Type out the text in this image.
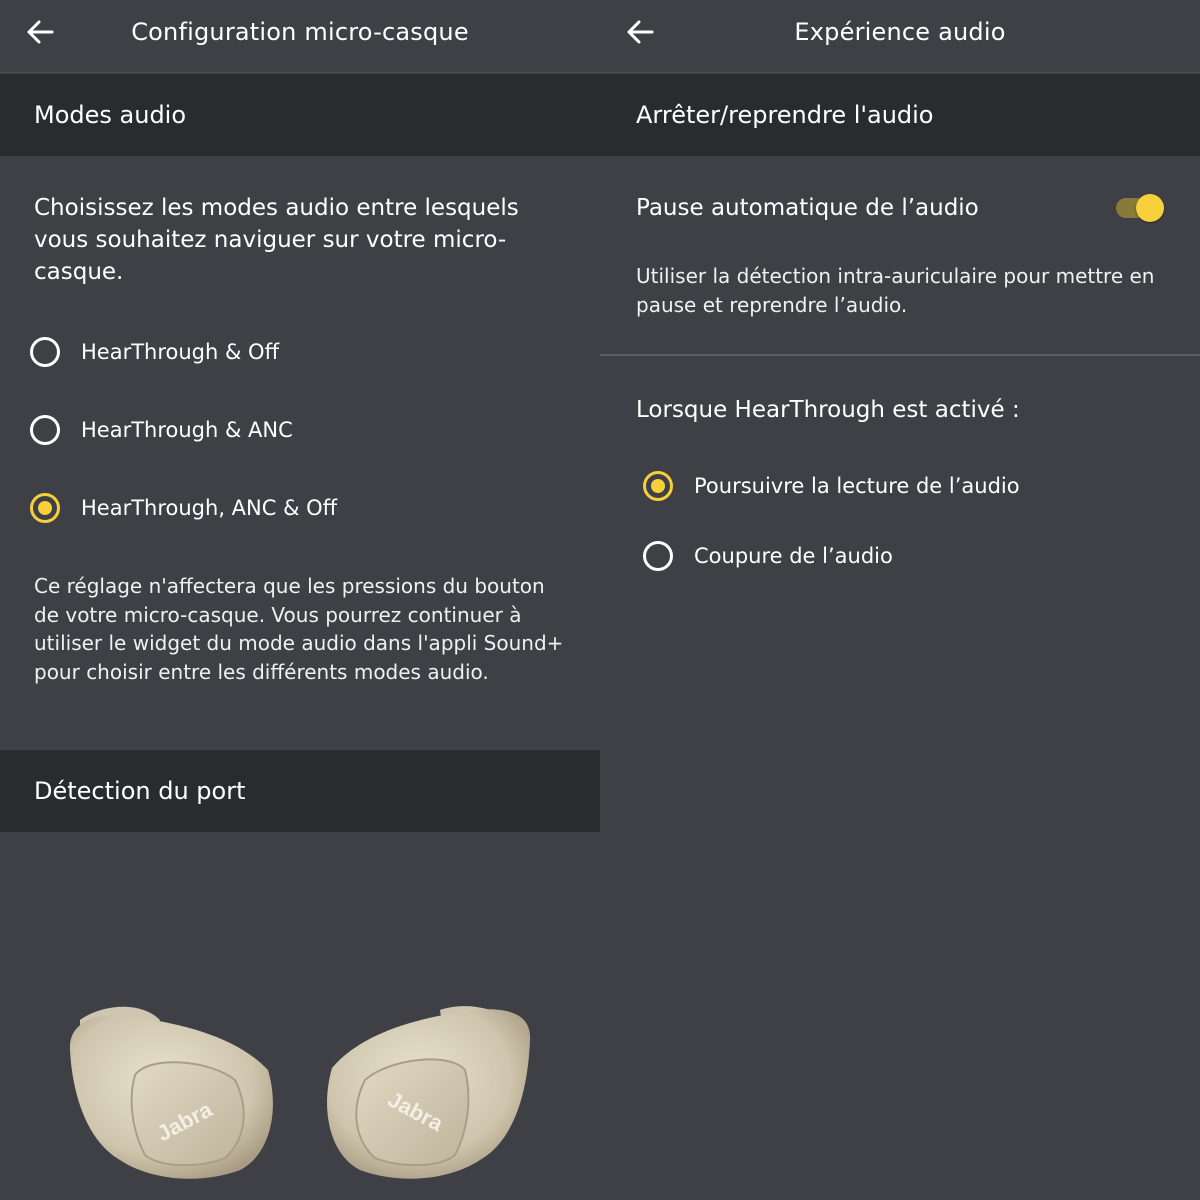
Configuration micro-casque
Modes audio
Choisissez les modes audio entre lesquels vous souhaitez naviguer sur votre micro-casque.
HearThrough & Off
HearThrough & ANC
HearThrough, ANC & Off
Ce réglage n'affectera que les pressions du bouton de votre micro-casque. Vous pourrez continuer à utiliser le widget du mode audio dans l'appli Sound+ pour choisir entre les différents modes audio.
Détection du port
Jabra	Jabra
Expérience audio
Arrêter/reprendre l'audio
Pause automatique de l’audio
Utiliser la détection intra-auriculaire pour mettre en pause et reprendre l’audio.
Lorsque HearThrough est activé :
Poursuivre la lecture de l’audio
Coupure de l’audio
